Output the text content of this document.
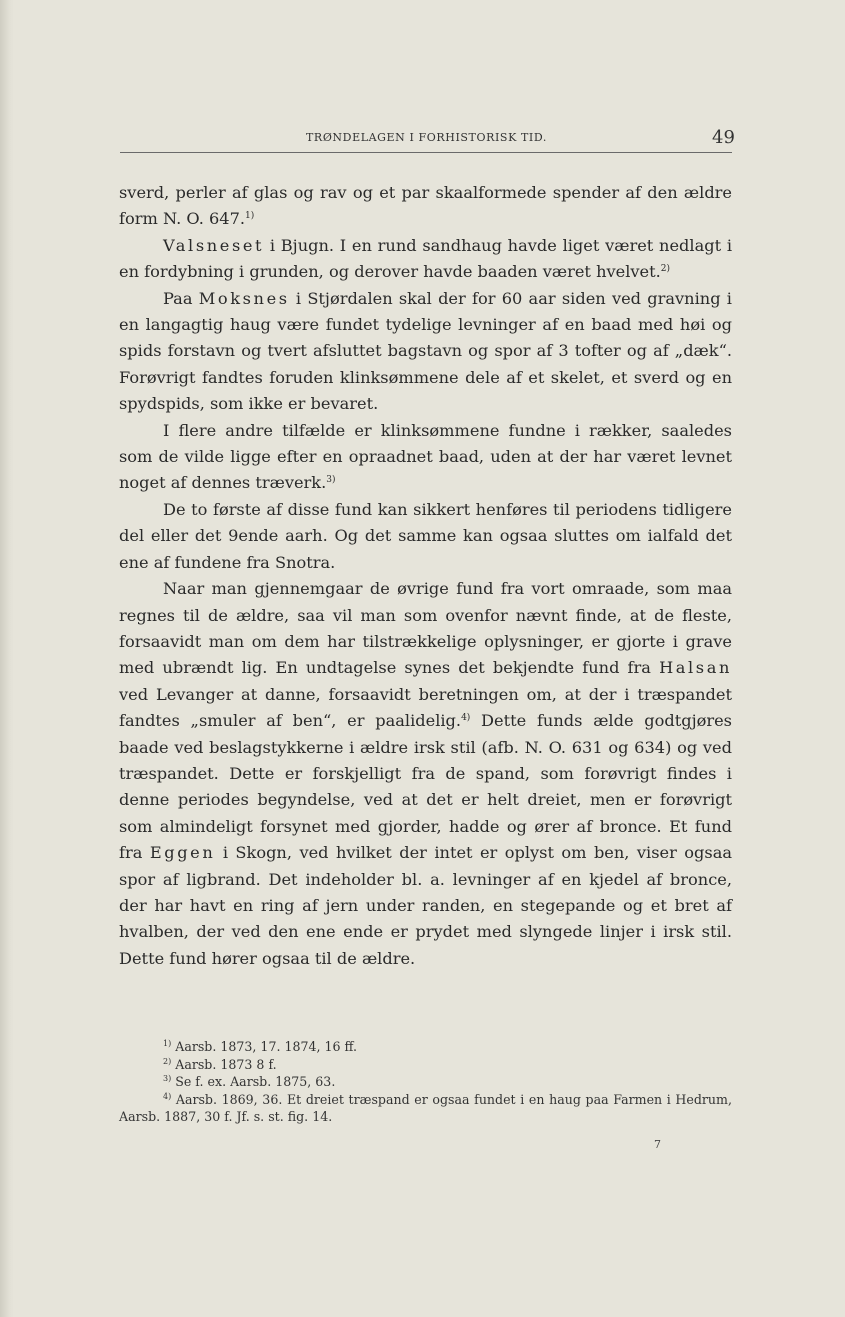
TRØNDELAGEN I FORHISTORISK TID.	49

sverd, perler af glas og rav og et par skaalformede spender af den ældre form N. O. 647.$^{1)}$

Valsneset i Bjugn. I en rund sandhaug havde liget været nedlagt i en fordybning i grunden, og derover havde baaden været hvelvet.$^{2)}$

Paa Moksnes i Stjørdalen skal der for 60 aar siden ved gravning i en langagtig haug være fundet tydelige levninger af en baad med høi og spids forstavn og tvert afsluttet bagstavn og spor af 3 tofter og af „dæk“. Forøvrigt fandtes foruden klinksømmene dele af et skelet, et sverd og en spydspids, som ikke er bevaret.

I flere andre tilfælde er klinksømmene fundne i rækker, saaledes som de vilde ligge efter en opraadnet baad, uden at der har været levnet noget af dennes træverk.$^{3)}$

De to første af disse fund kan sikkert henføres til periodens tidligere del eller det 9ende aarh. Og det samme kan ogsaa sluttes om ialfald det ene af fundene fra Snotra.

Naar man gjennemgaar de øvrige fund fra vort omraade, som maa regnes til de ældre, saa vil man som ovenfor nævnt finde, at de fleste, forsaavidt man om dem har tilstrækkelige oplysninger, er gjorte i grave med ubrændt lig. En undtagelse synes det bekjendte fund fra Halsan ved Levanger at danne, forsaavidt beretningen om, at der i træspandet fandtes „smuler af ben“, er paalidelig.$^{4)}$ Dette funds ælde godtgjøres baade ved beslagstykkerne i ældre irsk stil (afb. N. O. 631 og 634) og ved træspandet. Dette er forskjelligt fra de spand, som forøvrigt findes i denne periodes begyndelse, ved at det er helt dreiet, men er forøvrigt som almindeligt forsynet med gjorder, hadde og ører af bronce. Et fund fra Eggen i Skogn, ved hvilket der intet er oplyst om ben, viser ogsaa spor af ligbrand. Det indeholder bl. a. levninger af en kjedel af bronce, der har havt en ring af jern under randen, en stegepande og et bret af hvalben, der ved den ene ende er prydet med slyngede linjer i irsk stil. Dette fund hører ogsaa til de ældre.

$^{1)}$ Aarsb. 1873, 17. 1874, 16 ff.

$^{2)}$ Aarsb. 1873 8 f.

$^{3)}$ Se f. ex. Aarsb. 1875, 63.

$^{4)}$ Aarsb. 1869, 36. Et dreiet træspand er ogsaa fundet i en haug paa Farmen i Hedrum, Aarsb. 1887, 30 f. Jf. s. st. fig. 14.

7
